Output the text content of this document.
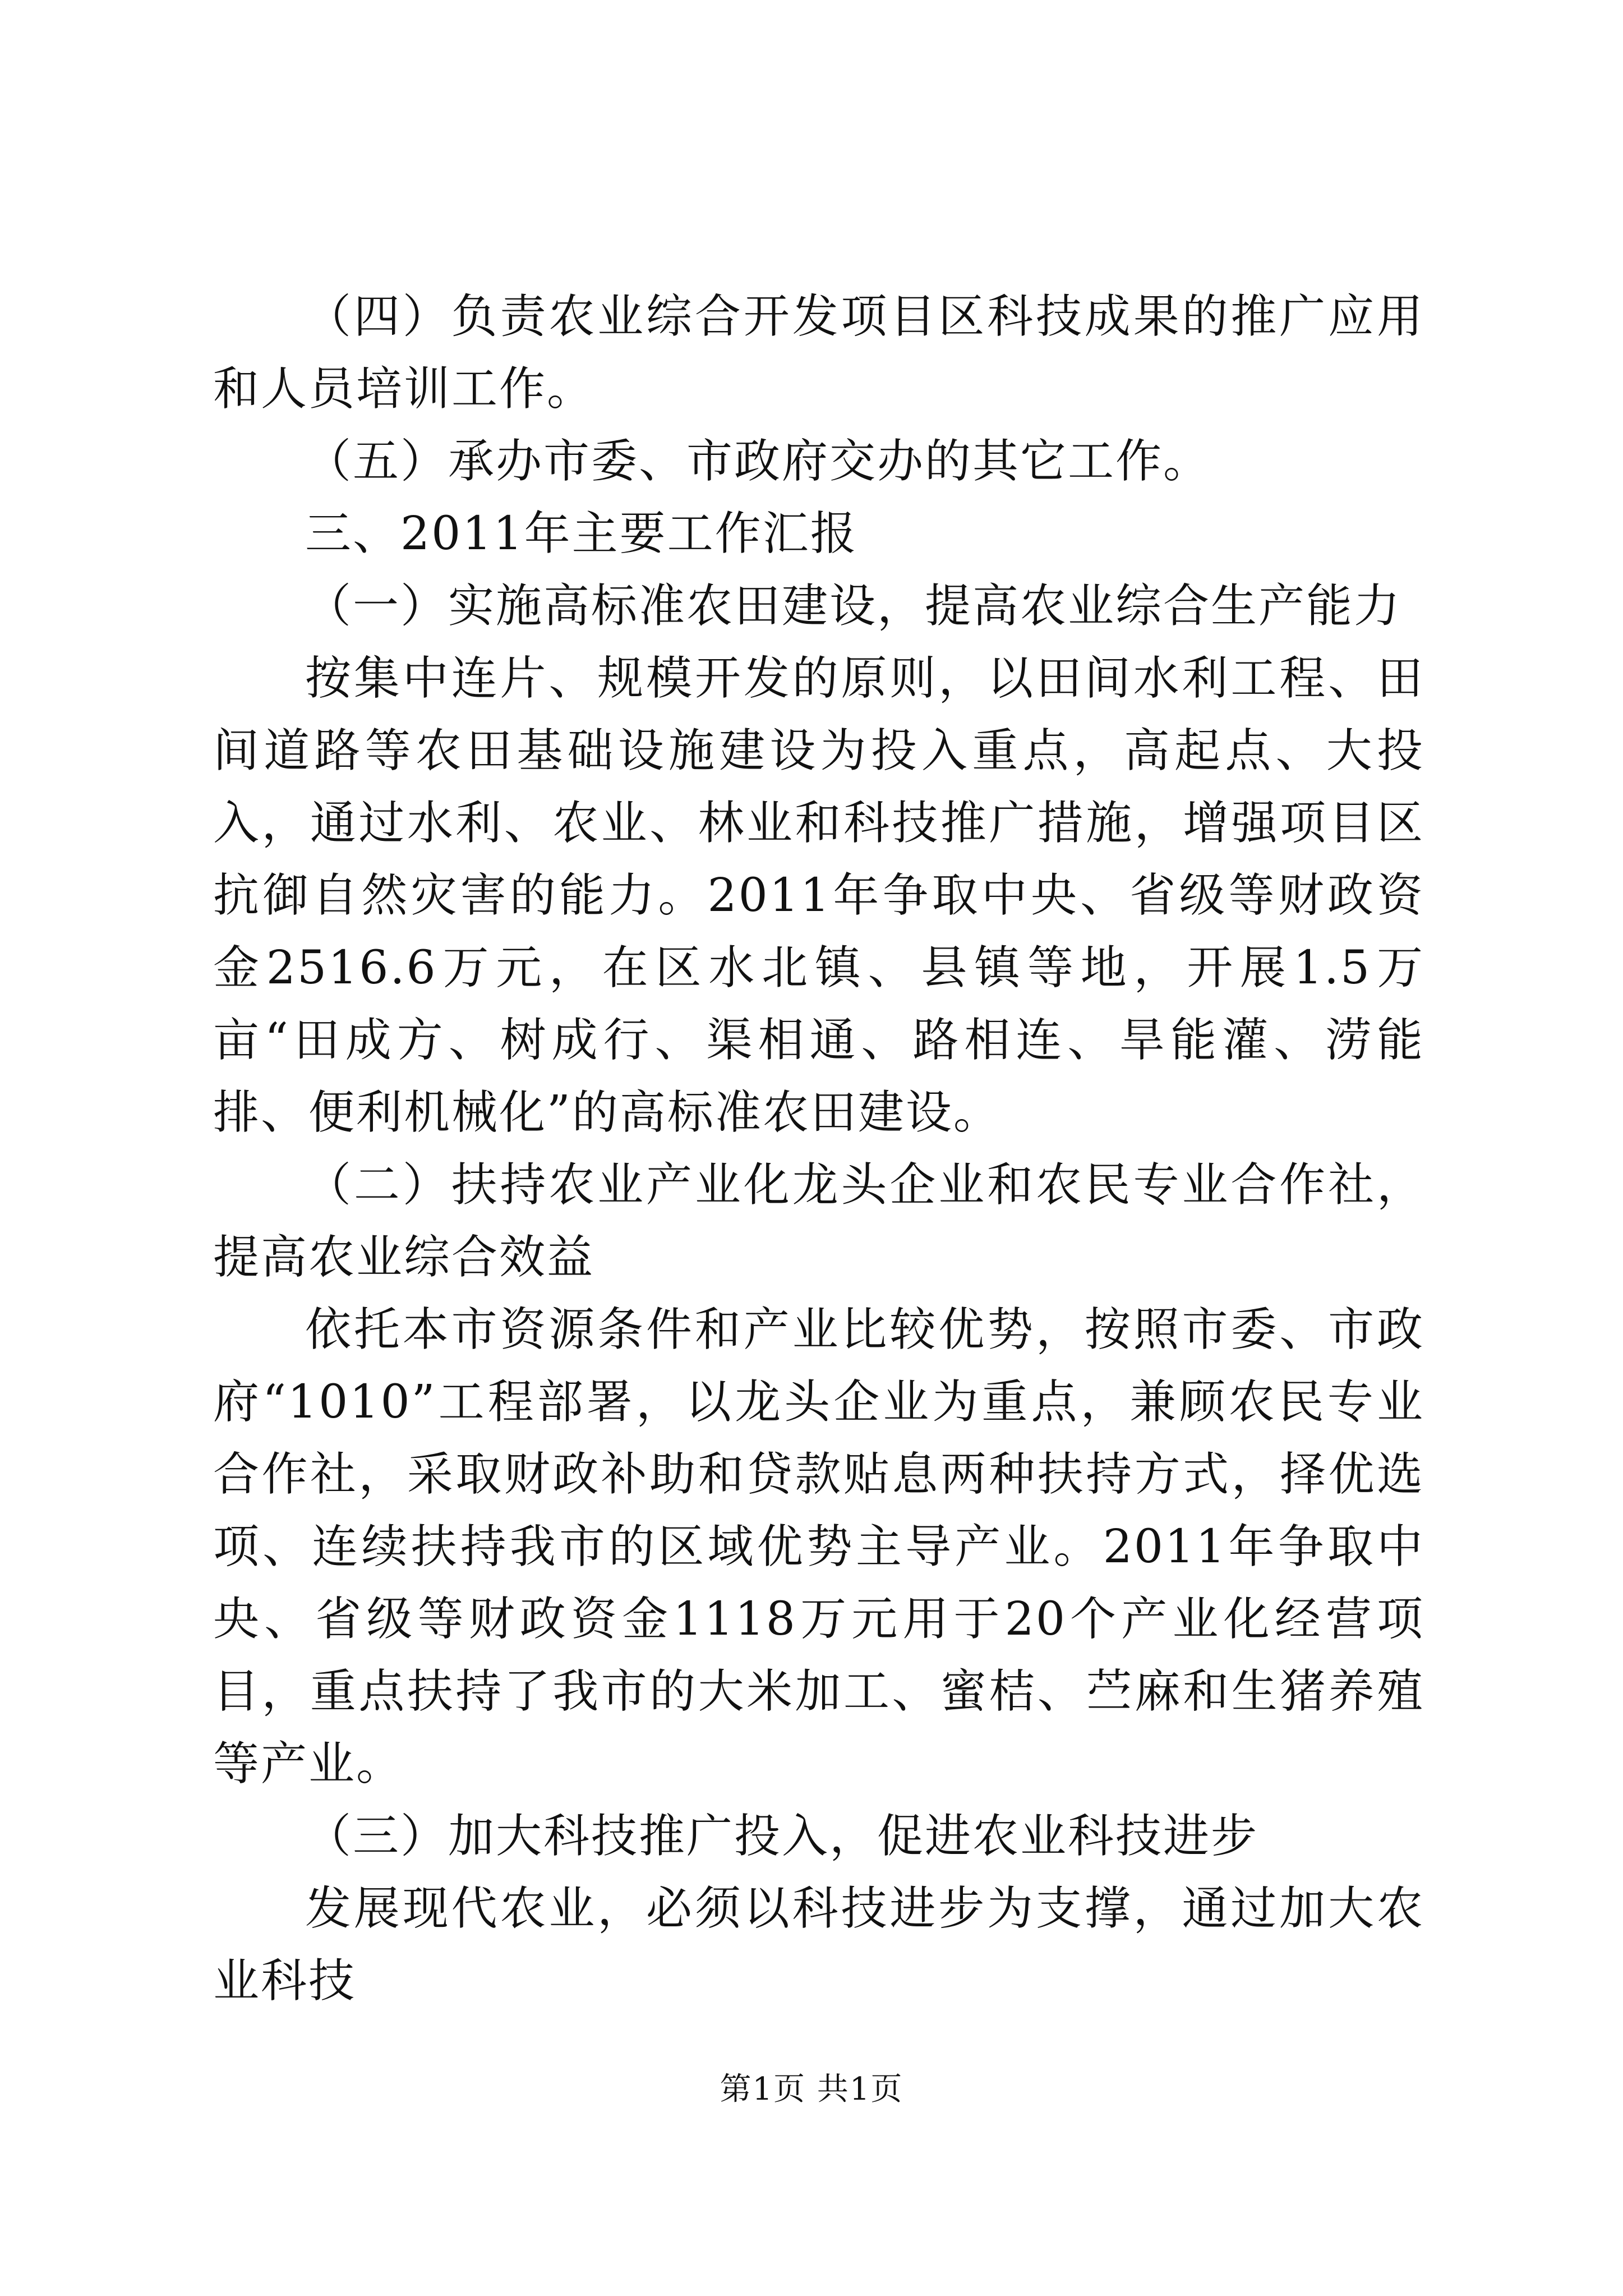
（四）负责农业综合开发项目区科技成果的推广应用和人员培训工作。

（五）承办市委、市政府交办的其它工作。

三、2011年主要工作汇报

（一）实施高标准农田建设，提高农业综合生产能力

按集中连片、规模开发的原则，以田间水利工程、田间道路等农田基础设施建设为投入重点，高起点、大投入，通过水利、农业、林业和科技推广措施，增强项目区抗御自然灾害的能力。2011年争取中央、省级等财政资金2516.6万元，在区水北镇、县镇等地，开展1.5万亩“田成方、树成行、渠相通、路相连、旱能灌、涝能排、便利机械化”的高标准农田建设。

（二）扶持农业产业化龙头企业和农民专业合作社，提高农业综合效益

依托本市资源条件和产业比较优势，按照市委、市政府“1010”工程部署，以龙头企业为重点，兼顾农民专业合作社，采取财政补助和贷款贴息两种扶持方式，择优选项、连续扶持我市的区域优势主导产业。2011年争取中央、省级等财政资金1118万元用于20个产业化经营项目，重点扶持了我市的大米加工、蜜桔、苎麻和生猪养殖等产业。

（三）加大科技推广投入，促进农业科技进步

发展现代农业，必须以科技进步为支撑，通过加大农业科技

第1页 共1页
